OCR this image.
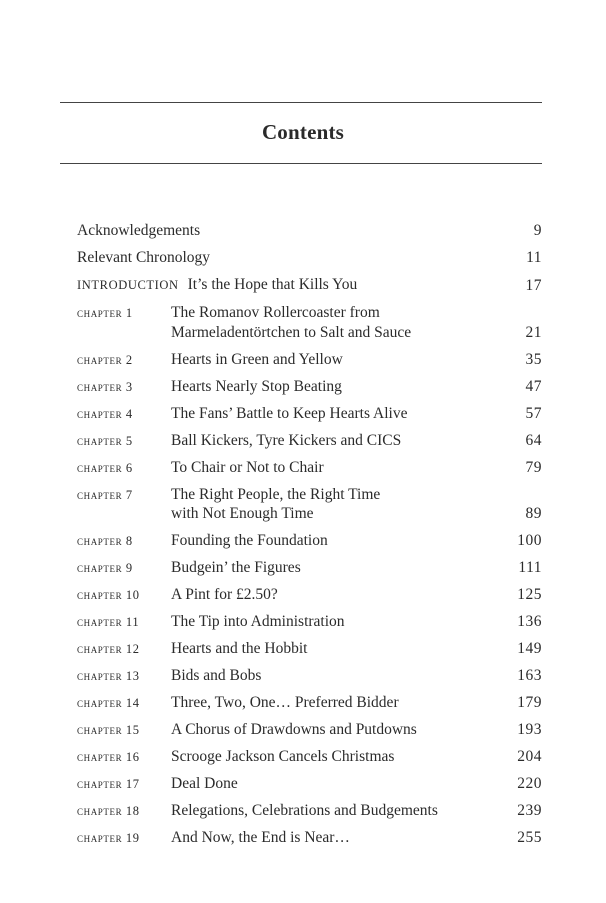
Contents
Acknowledgements	9
Relevant Chronology	11
INTRODUCTION It’s the Hope that Kills You	17
chapter 1 The Romanov Rollercoaster from
Marmeladentörtchen to Salt and Sauce	21
chapter 2 Hearts in Green and Yellow	35
chapter 3 Hearts Nearly Stop Beating	47
chapter 4 The Fans’ Battle to Keep Hearts Alive	57
chapter 5 Ball Kickers, Tyre Kickers and CICS	64
chapter 6 To Chair or Not to Chair	79
chapter 7 The Right People, the Right Time
with Not Enough Time	89
chapter 8 Founding the Foundation	100
chapter 9 Budgein’ the Figures	111
chapter 10 A Pint for £2.50?	125
chapter 11 The Tip into Administration	136
chapter 12 Hearts and the Hobbit	149
chapter 13 Bids and Bobs	163
chapter 14 Three, Two, One… Preferred Bidder	179
chapter 15 A Chorus of Drawdowns and Putdowns	193
chapter 16 Scrooge Jackson Cancels Christmas	204
chapter 17 Deal Done	220
chapter 18 Relegations, Celebrations and Budgements	239
chapter 19 And Now, the End is Near…	255
